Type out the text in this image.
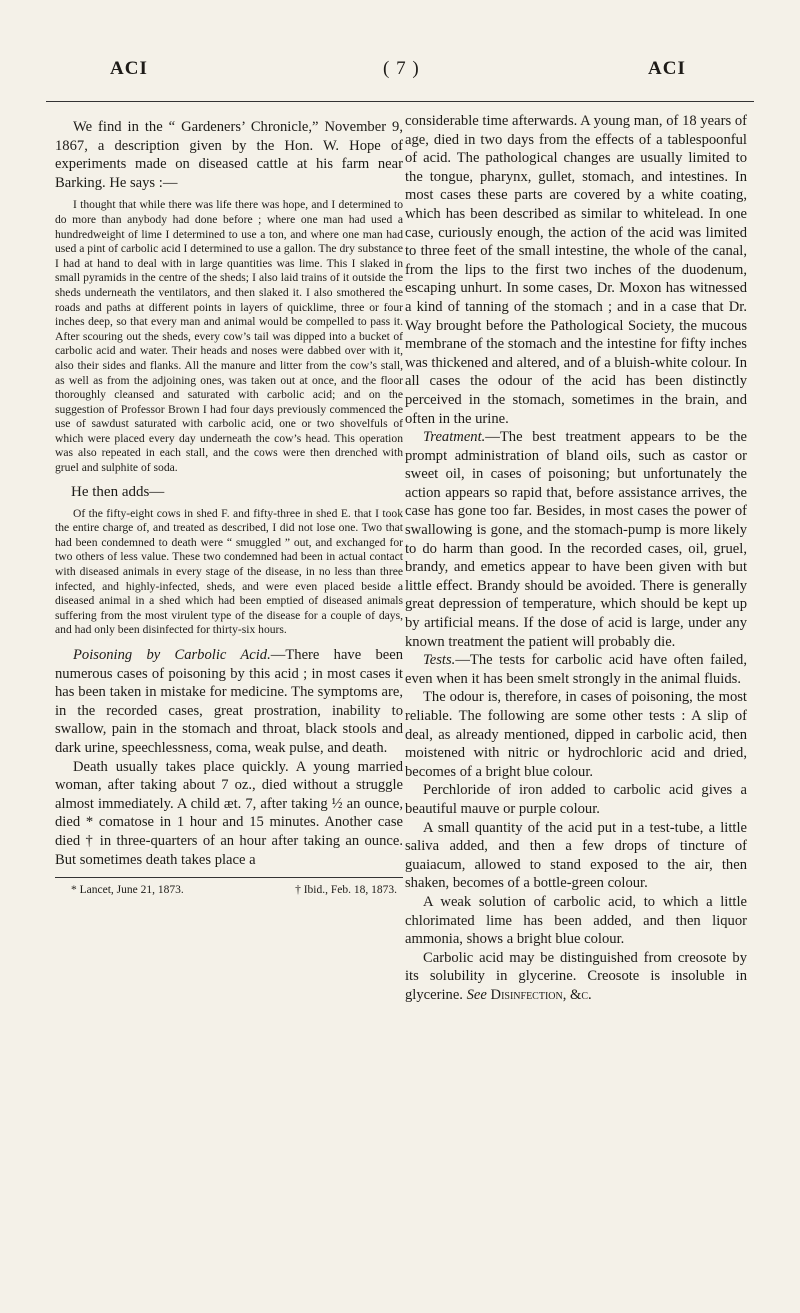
ACI	( 7 )	ACI

We find in the “ Gardeners’ Chronicle,” November 9, 1867, a description given by the Hon. W. Hope of experiments made on diseased cattle at his farm near Barking. He says :—

I thought that while there was life there was hope, and I determined to do more than anybody had done before ; where one man had used a hundredweight of lime I determined to use a ton, and where one man had used a pint of carbolic acid I determined to use a gallon. The dry substance I had at hand to deal with in large quantities was lime. This I slaked in small pyramids in the centre of the sheds; I also laid trains of it outside the sheds underneath the ventilators, and then slaked it. I also smothered the roads and paths at different points in layers of quicklime, three or four inches deep, so that every man and animal would be compelled to pass it. After scouring out the sheds, every cow’s tail was dipped into a bucket of carbolic acid and water. Their heads and noses were dabbed over with it, also their sides and flanks. All the manure and litter from the cow’s stall, as well as from the adjoining ones, was taken out at once, and the floor thoroughly cleansed and saturated with carbolic acid; and on the suggestion of Professor Brown I had four days previously commenced the use of sawdust saturated with carbolic acid, one or two shovelfuls of which were placed every day underneath the cow’s head. This operation was also repeated in each stall, and the cows were then drenched with gruel and sulphite of soda.

He then adds—

Of the fifty-eight cows in shed F. and fifty-three in shed E. that I took the entire charge of, and treated as described, I did not lose one. Two that had been condemned to death were “ smuggled ” out, and exchanged for two others of less value. These two condemned had been in actual contact with diseased animals in every stage of the disease, in no less than three infected, and highly-infected, sheds, and were even placed beside a diseased animal in a shed which had been emptied of diseased animals suffering from the most virulent type of the disease for a couple of days, and had only been disinfected for thirty-six hours.

Poisoning by Carbolic Acid.—There have been numerous cases of poisoning by this acid ; in most cases it has been taken in mistake for medicine. The symptoms are, in the recorded cases, great prostration, inability to swallow, pain in the stomach and throat, black stools and dark urine, speechlessness, coma, weak pulse, and death.

Death usually takes place quickly. A young married woman, after taking about 7 oz., died without a struggle almost immediately. A child æt. 7, after taking ½ an ounce, died * comatose in 1 hour and 15 minutes. Another case died † in three-quarters of an hour after taking an ounce. But sometimes death takes place a

* Lancet, June 21, 1873.	† Ibid., Feb. 18, 1873.

considerable time afterwards. A young man, of 18 years of age, died in two days from the effects of a tablespoonful of acid. The pathological changes are usually limited to the tongue, pharynx, gullet, stomach, and intestines. In most cases these parts are covered by a white coating, which has been described as similar to whitelead. In one case, curiously enough, the action of the acid was limited to three feet of the small intestine, the whole of the canal, from the lips to the first two inches of the duodenum, escaping unhurt. In some cases, Dr. Moxon has witnessed a kind of tanning of the stomach ; and in a case that Dr. Way brought before the Pathological Society, the mucous membrane of the stomach and the intestine for fifty inches was thickened and altered, and of a bluish-white colour. In all cases the odour of the acid has been distinctly perceived in the stomach, sometimes in the brain, and often in the urine.

Treatment.—The best treatment appears to be the prompt administration of bland oils, such as castor or sweet oil, in cases of poisoning; but unfortunately the action appears so rapid that, before assistance arrives, the case has gone too far. Besides, in most cases the power of swallowing is gone, and the stomach-pump is more likely to do harm than good. In the recorded cases, oil, gruel, brandy, and emetics appear to have been given with but little effect. Brandy should be avoided. There is generally great depression of temperature, which should be kept up by artificial means. If the dose of acid is large, under any known treatment the patient will probably die.

Tests.—The tests for carbolic acid have often failed, even when it has been smelt strongly in the animal fluids.

The odour is, therefore, in cases of poisoning, the most reliable. The following are some other tests : A slip of deal, as already mentioned, dipped in carbolic acid, then moistened with nitric or hydrochloric acid and dried, becomes of a bright blue colour.

Perchloride of iron added to carbolic acid gives a beautiful mauve or purple colour.

A small quantity of the acid put in a test-tube, a little saliva added, and then a few drops of tincture of guaiacum, allowed to stand exposed to the air, then shaken, becomes of a bottle-green colour.

A weak solution of carbolic acid, to which a little chlorimated lime has been added, and then liquor ammonia, shows a bright blue colour.

Carbolic acid may be distinguished from creosote by its solubility in glycerine. Creosote is insoluble in glycerine. See Disinfection, &c.
